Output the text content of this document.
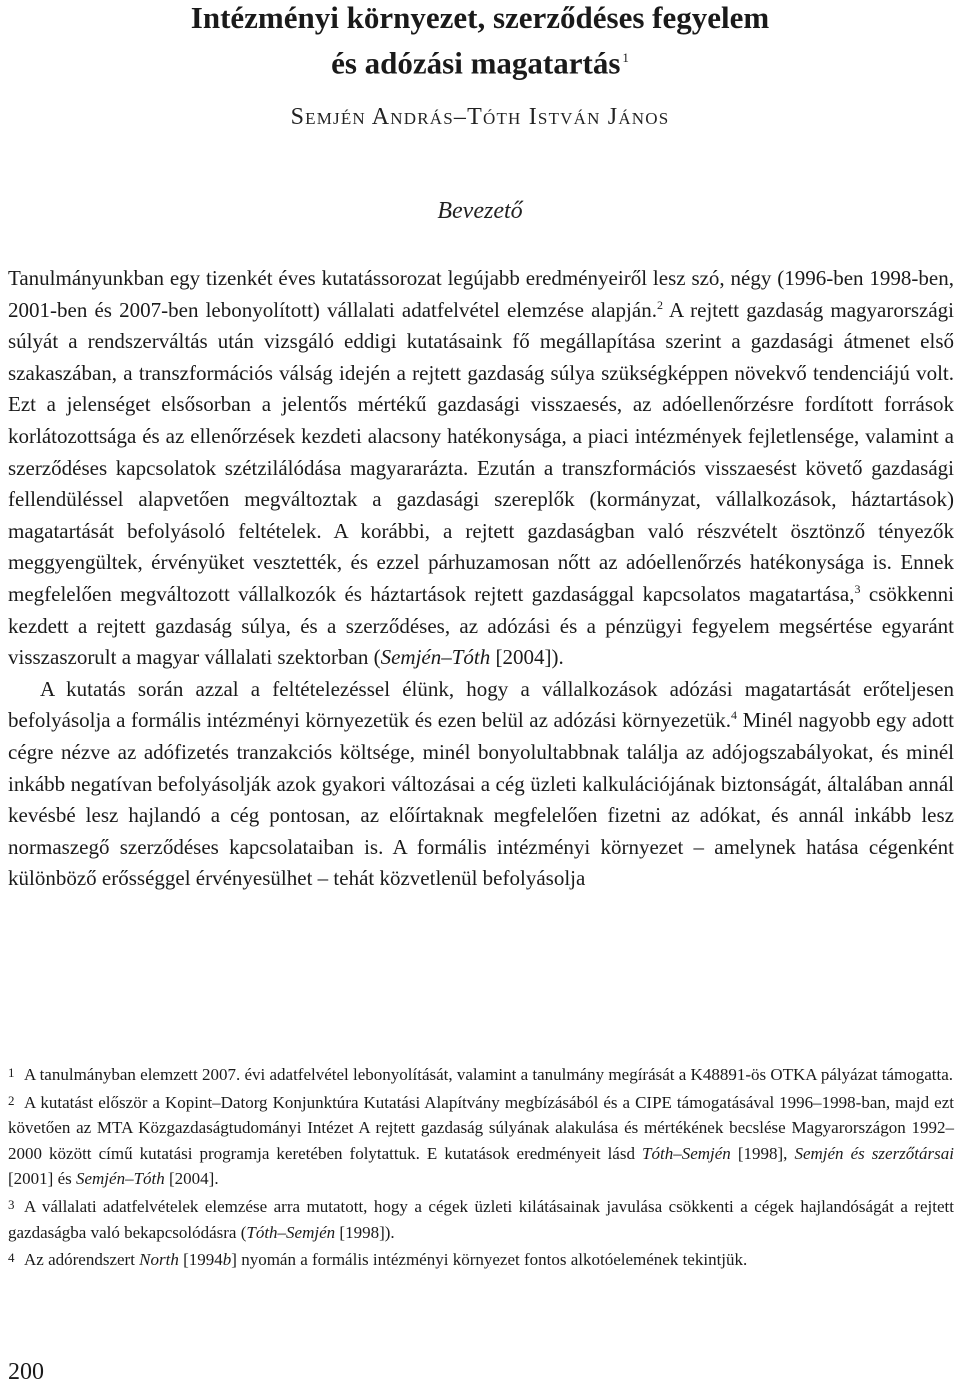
Intézményi környezet, szerződéses fegyelem
és adózási magatartás $^1$
Semjén András–Tóth István János
Bevezető

Tanulmányunkban egy tizenkét éves kutatássorozat legújabb eredményeiről lesz szó, négy (1996-ben 1998-ben, 2001-ben és 2007-ben lebonyolított) vállalati adatfelvétel elemzése alapján.$^2$ A rejtett gazdaság magyarországi súlyát a rendszerváltás után vizsgáló eddigi kutatásaink fő megállapítása szerint a gazdasági átmenet első szakaszában, a transzformációs válság idején a rejtett gazdaság súlya szükségképpen növekvő tendenciájú volt. Ezt a jelenséget elsősorban a jelentős mértékű gazdasági visszaesés, az adóellenőrzésre fordított források korlátozottsága és az ellenőrzések kezdeti alacsony hatékonysága, a piaci intézmények fejletlensége, valamint a szerződéses kapcsolatok szétzilálódása magyararázta. Ezután a transzformációs visszaesést követő gazdasági fellendüléssel alapvetően megváltoztak a gazdasági szereplők (kormányzat, vállalkozások, háztartások) magatartását befolyásoló feltételek. A korábbi, a rejtett gazdaságban való részvételt ösztönző tényezők meggyengültek, érvényüket vesztették, és ezzel párhuzamosan nőtt az adóellenőrzés hatékonysága is. Ennek megfelelően megváltozott vállalkozók és háztartások rejtett gazdasággal kapcsolatos magatartása,$^3$ csökkenni kezdett a rejtett gazdaság súlya, és a szerződéses, az adózási és a pénzügyi fegyelem megsértése egyaránt visszaszorult a magyar vállalati szektorban (Semjén–Tóth [2004]).

A kutatás során azzal a feltételezéssel élünk, hogy a vállalkozások adózási magatartását erőteljesen befolyásolja a formális intézményi környezetük és ezen belül az adózási környezetük.$^4$ Minél nagyobb egy adott cégre nézve az adófizetés tranzakciós költsége, minél bonyolultabbnak találja az adójogszabályokat, és minél inkább negatívan befolyásolják azok gyakori változásai a cég üzleti kalkulációjának biztonságát, általában annál kevésbé lesz hajlandó a cég pontosan, az előírtaknak megfelelően fizetni az adókat, és annál inkább lesz normaszegő szerződéses kapcsolataiban is. A formális intézményi környezet – amelynek hatása cégenként különböző erősséggel érvényesülhet – tehát közvetlenül befolyásolja

1 A tanulmányban elemzett 2007. évi adatfelvétel lebonyolítását, valamint a tanulmány megírását a K48891-ös OTKA pályázat támogatta.

2 A kutatást először a Kopint–Datorg Konjunktúra Kutatási Alapítvány megbízásából és a CIPE támogatásával 1996–1998-ban, majd ezt követően az MTA Közgazdaságtudományi Intézet A rejtett gazdaság súlyának alakulása és mértékének becslése Magyarországon 1992–2000 között című kutatási programja keretében folytattuk. E kutatások eredményeit lásd Tóth–Semjén [1998], Semjén és szerzőtársai [2001] és Semjén–Tóth [2004].

3 A vállalati adatfelvételek elemzése arra mutatott, hogy a cégek üzleti kilátásainak javulása csökkenti a cégek hajlandóságát a rejtett gazdaságba való bekapcsolódásra (Tóth–Semjén [1998]).

4 Az adórendszert North [1994b] nyomán a formális intézményi környezet fontos alkotóelemének tekintjük.

200
